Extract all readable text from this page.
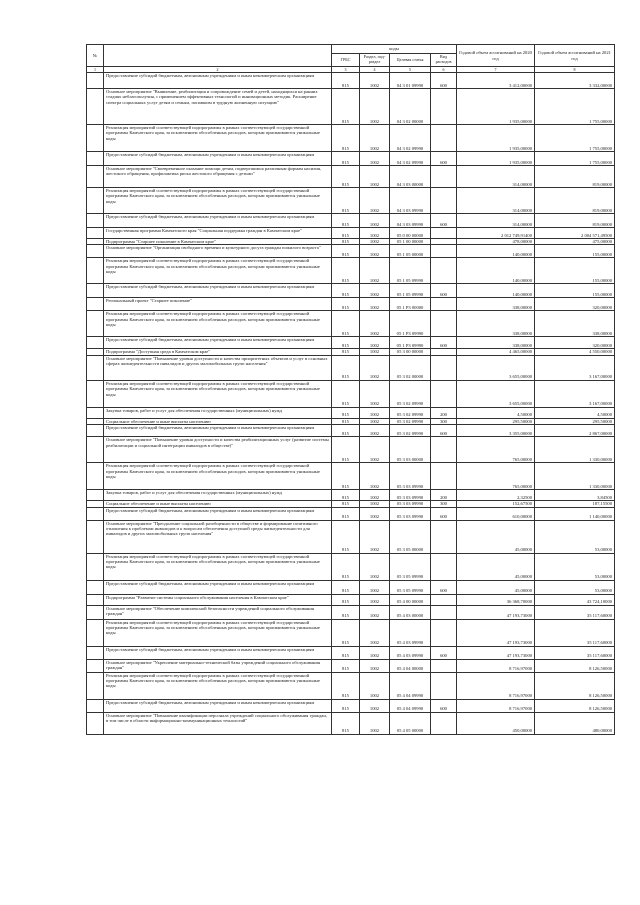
№		коды				Годовой объем ассигнований на 2020 год	Годовой объем ассигнований на 2021 год
		ГРБС	Раздел, под-раздел	Целевая статья	Вид расходов		
1	2	3	4	5	6	7	8
	Предоставление субсидий бюджетным, автономным учреждениям и иным некоммерческим организациям	815	1002	04 3 01 09990	600	3 412,00000	3 332,00000
	Основное мероприятие "Выявление, реабилитация и сопровождение семей и детей, находящихся на ранних стадиях неблагополучия, с применением эффективных технологий и инновационных методик. Расширение спектра социальных услуг детям и семьям, попавшим в трудную жизненную ситуацию"	815	1002	04 3 02 00000		1 935,00000	1 755,00000
	Реализация мероприятий соответствующей подпрограммы в рамках соответствующей государственной программы Камчатского края, за исключением обособленных расходов, которым присваиваются уникальные коды	815	1002	04 3 02 09990		1 935,00000	1 755,00000
	Предоставление субсидий бюджетным, автономным учреждениям и иным некоммерческим организациям	815	1002	04 3 02 09990	600	1 935,00000	1 755,00000
	Основное мероприятие "Своевременное оказание помощи детям, подвергшимся различным формам насилия, жестокого обращения, профилактика риска жестокого обращения с детьми"	815	1002	04 3 03 00000		314,00000	819,00000
	Реализация мероприятий соответствующей подпрограммы в рамках соответствующей государственной программы Камчатского края, за исключением обособленных расходов, которым присваиваются уникальные коды	815	1002	04 3 03 09990		314,00000	819,00000
	Предоставление субсидий бюджетным, автономным учреждениям и иным некоммерческим организациям	815	1002	04 3 03 09990	600	314,00000	819,00000
	Государственная программа Камчатского края "Социальная поддержка граждан в Камчатском крае"	815	1002	05 0 00 00000		2 012 749,91400	2 004 571,49500
	Подпрограмма "Старшее поколение в Камчатском крае"	815	1002	05 1 00 00000		478,00000	475,00000
	Основное мероприятие "Организация свободного времени и культурного досуга граждан пожилого возраста"	815	1002	05 1 05 00000		140,00000	155,00000
	Реализация мероприятий соответствующей подпрограммы в рамках соответствующей государственной программы Камчатского края, за исключением обособленных расходов, которым присваиваются уникальные коды	815	1002	05 1 05 09990		140,00000	155,00000
	Предоставление субсидий бюджетным, автономным учреждениям и иным некоммерческим организациям	815	1002	05 1 05 09990	600	140,00000	155,00000
	Региональный проект "Старшее поколение"	815	1002	05 1 P3 00000		338,00000	320,00000
	Реализация мероприятий соответствующей подпрограммы в рамках соответствующей государственной программы Камчатского края, за исключением обособленных расходов, которым присваиваются уникальные коды	815	1002	05 1 P3 09990		338,00000	338,00000
	Предоставление субсидий бюджетным, автономным учреждениям и иным некоммерческим организациям	815	1002	05 1 P3 09990	600	338,00000	320,00000
	Подпрограмма "Доступная среда в Камчатском крае"	815	1002	05 3 00 00000		4 465,00000	4 550,00000
	Основное мероприятие "Повышение уровня доступности и качества приоритетных объектов и услуг в основных сферах жизнедеятельности инвалидов и других маломобильных групп населения"	815	1002	05 3 02 00000		3 655,00000	3 167,00000
	Реализация мероприятий соответствующей подпрограммы в рамках соответствующей государственной программы Камчатского края, за исключением обособленных расходов, которым присваиваются уникальные коды	815	1002	05 3 02 09990		3 655,00000	3 167,00000
	Закупка товаров, работ и услуг для обеспечения государственных (муниципальных) нужд	815	1002	05 3 02 09990	200	4,50000	4,50000
	Социальное обеспечение и иные выплаты населению	815	1002	05 3 02 09990	300	295,50000	295,50000
	Предоставление субсидий бюджетным, автономным учреждениям и иным некоммерческим организациям	815	1002	05 3 02 09990	600	3 355,00000	2 867,00000
	Основное мероприятие "Повышение уровня доступности и качества реабилитационных услуг (развитие системы реабилитации и социальной интеграции инвалидов в обществе)"	815	1002	05 3 03 00000		765,00000	1 330,00000
	Реализация мероприятий соответствующей подпрограммы в рамках соответствующей государственной программы Камчатского края, за исключением обособленных расходов, которым присваиваются уникальные коды	815	1002	05 3 03 09990		765,00000	1 330,00000
	Закупка товаров, работ и услуг для обеспечения государственных (муниципальных) нужд	815	1002	05 3 03 09990	200	2,32500	3,84500
	Социальное обеспечение и иные выплаты населению	815	1002	05 3 03 09990	300	152,67500	187,15500
	Предоставление субсидий бюджетным, автономным учреждениям и иным некоммерческим организациям	815	1002	05 3 03 09990	600	610,00000	1 140,00000
	Основное мероприятие "Преодоление социальной разобщенности в обществе и формирование позитивного отношения к проблемам инвалидов и к вопросам обеспечения доступной среды жизнедеятельности для инвалидов и других маломобильных групп населения"	815	1002	05 3 05 00000		45,00000	53,00000
	Реализация мероприятий соответствующей подпрограммы в рамках соответствующей государственной программы Камчатского края, за исключением обособленных расходов, которым присваиваются уникальные коды	815	1002	05 3 05 09990		45,00000	53,00000
	Предоставление субсидий бюджетным, автономным учреждениям и иным некоммерческим организациям	815	1002	05 3 05 09990	600	45,00000	53,00000
	Подпрограмма "Развитие системы социального обслуживания населения в Камчатском крае"	815	1002	05 4 00 00000		36 368,70000	43 724,10000
	Основное мероприятие "Обеспечение комплексной безопасности учреждений социального обслуживания граждан"	815	1002	05 4 03 00000		47 193,73000	35 117,60000
	Реализация мероприятий соответствующей подпрограммы в рамках соответствующей государственной программы Камчатского края, за исключением обособленных расходов, которым присваиваются уникальные коды	815	1002	05 4 03 09990		47 193,73000	35 117,60000
	Предоставление субсидий бюджетным, автономным учреждениям и иным некоммерческим организациям	815	1002	05 4 03 09990	600	47 193,73000	35 117,60000
	Основное мероприятие "Укрепление материально-технической базы учреждений социального обслуживания граждан"	815	1002	05 4 04 00000		8 716,97000	8 126,50000
	Реализация мероприятий соответствующей подпрограммы в рамках соответствующей государственной программы Камчатского края, за исключением обособленных расходов, которым присваиваются уникальные коды	815	1002	05 4 04 09990		8 716,97000	8 126,50000
	Предоставление субсидий бюджетным, автономным учреждениям и иным некоммерческим организациям	815	1002	05 4 04 09990	600	8 716,97000	8 126,50000
	Основное мероприятие "Повышение квалификации персонала учреждений социального обслуживания граждан, в том числе в области информационно-коммуникационных технологий"	815	1002	05 4 05 00000		450,00000	480,00000
